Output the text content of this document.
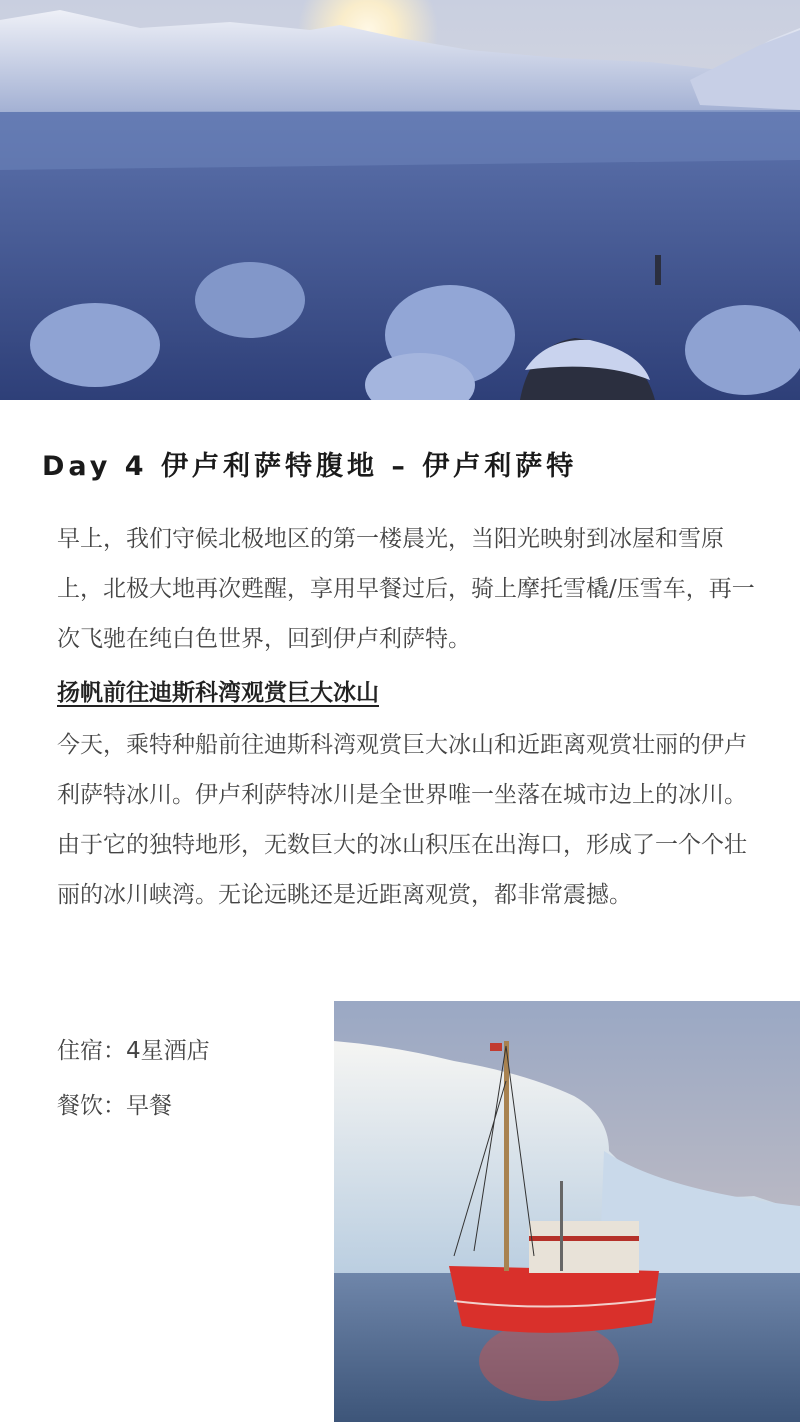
Day 4 伊卢利萨特腹地 – 伊卢利萨特
早上，我们守候北极地区的第一楼晨光，当阳光映射到冰屋和雪原上，北极大地再次甦醒，享用早餐过后，骑上摩托雪橇/压雪车，再一次飞驰在纯白色世界，回到伊卢利萨特。
扬帆前往迪斯科湾观赏巨大冰山
今天，乘特种船前往迪斯科湾观赏巨大冰山和近距离观赏壮丽的伊卢利萨特冰川。伊卢利萨特冰川是全世界唯一坐落在城市边上的冰川。由于它的独特地形，无数巨大的冰山积压在出海口，形成了一个个壮丽的冰川峡湾。无论远眺还是近距离观赏，都非常震撼。
住宿：4星酒店
餐饮：早餐
